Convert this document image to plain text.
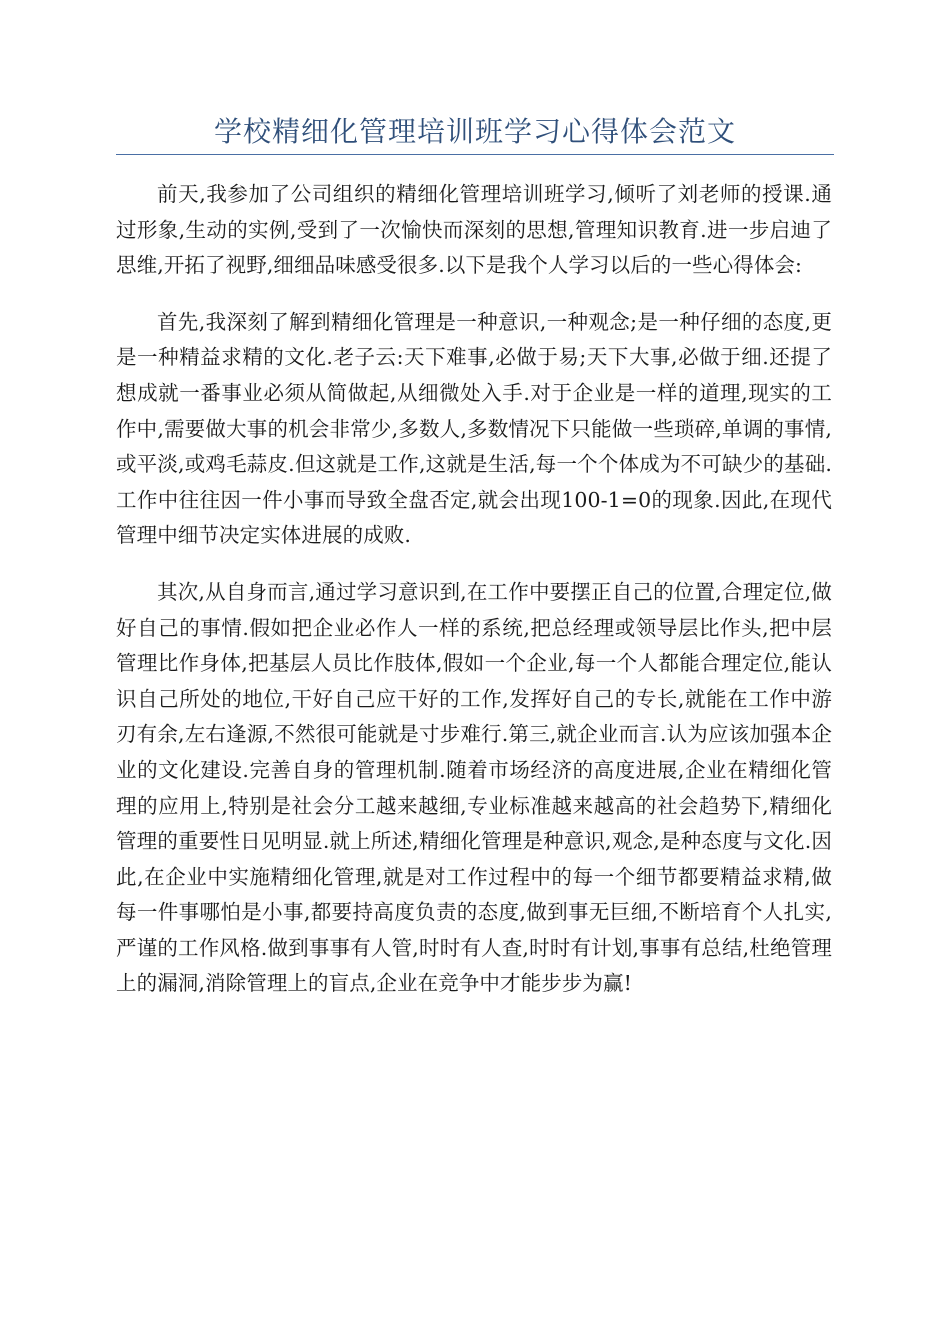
学校精细化管理培训班学习心得体会范文

前天,我参加了公司组织的精细化管理培训班学习,倾听了刘老师的授课.通过形象,生动的实例,受到了一次愉快而深刻的思想,管理知识教育.进一步启迪了思维,开拓了视野,细细品味感受很多.以下是我个人学习以后的一些心得体会:

首先,我深刻了解到精细化管理是一种意识,一种观念;是一种仔细的态度,更是一种精益求精的文化.老子云:天下难事,必做于易;天下大事,必做于细.还提了想成就一番事业必须从简做起,从细微处入手.对于企业是一样的道理,现实的工作中,需要做大事的机会非常少,多数人,多数情况下只能做一些琐碎,单调的事情,或平淡,或鸡毛蒜皮.但这就是工作,这就是生活,每一个个体成为不可缺少的基础.工作中往往因一件小事而导致全盘否定,就会出现100-1=0的现象.因此,在现代管理中细节决定实体进展的成败.

其次,从自身而言,通过学习意识到,在工作中要摆正自己的位置,合理定位,做好自己的事情.假如把企业必作人一样的系统,把总经理或领导层比作头,把中层管理比作身体,把基层人员比作肢体,假如一个企业,每一个人都能合理定位,能认识自己所处的地位,干好自己应干好的工作,发挥好自己的专长,就能在工作中游刃有余,左右逢源,不然很可能就是寸步难行.第三,就企业而言.认为应该加强本企业的文化建设.完善自身的管理机制.随着市场经济的高度进展,企业在精细化管理的应用上,特别是社会分工越来越细,专业标准越来越高的社会趋势下,精细化管理的重要性日见明显.就上所述,精细化管理是种意识,观念,是种态度与文化.因此,在企业中实施精细化管理,就是对工作过程中的每一个细节都要精益求精,做每一件事哪怕是小事,都要持高度负责的态度,做到事无巨细,不断培育个人扎实,严谨的工作风格.做到事事有人管,时时有人查,时时有计划,事事有总结,杜绝管理上的漏洞,消除管理上的盲点,企业在竞争中才能步步为赢!
